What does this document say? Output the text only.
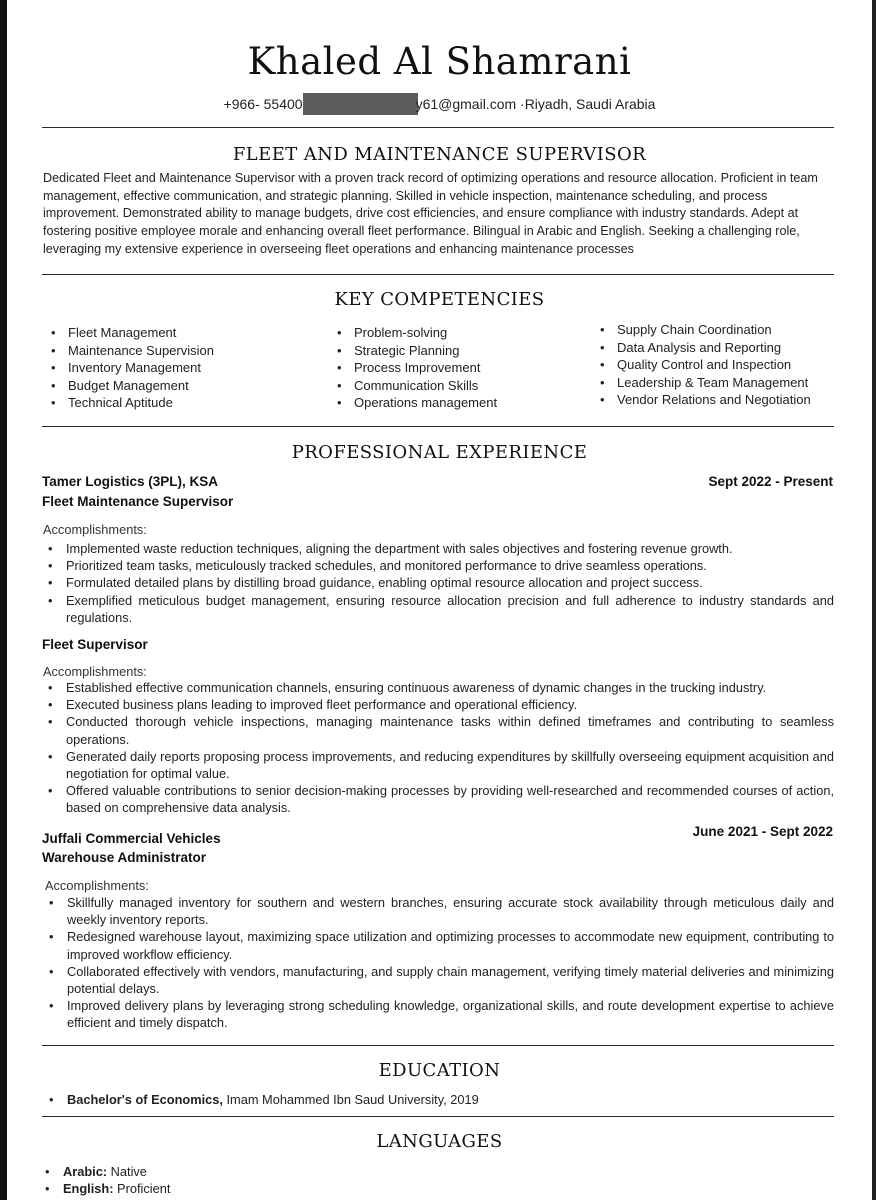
Khaled Al Shamrani
+966- 55400	y61@gmail.com ·Riyadh, Saudi Arabia
FLEET AND MAINTENANCE SUPERVISOR
Dedicated Fleet and Maintenance Supervisor with a proven track record of optimizing operations and resource allocation. Proficient in team management, effective communication, and strategic planning. Skilled in vehicle inspection, maintenance scheduling, and process improvement. Demonstrated ability to manage budgets, drive cost efficiencies, and ensure compliance with industry standards. Adept at fostering positive employee morale and enhancing overall fleet performance. Bilingual in Arabic and English. Seeking a challenging role, leveraging my extensive experience in overseeing fleet operations and enhancing maintenance processes
KEY COMPETENCIES
• Fleet Management
• Maintenance Supervision
• Inventory Management
• Budget Management
• Technical Aptitude
• Problem-solving
• Strategic Planning
• Process Improvement
• Communication Skills
• Operations management
• Supply Chain Coordination
• Data Analysis and Reporting
• Quality Control and Inspection
• Leadership & Team Management
• Vendor Relations and Negotiation
PROFESSIONAL EXPERIENCE
Tamer Logistics (3PL), KSA	Sept 2022 - Present
Fleet Maintenance Supervisor
Accomplishments:
• Implemented waste reduction techniques, aligning the department with sales objectives and fostering revenue growth.
• Prioritized team tasks, meticulously tracked schedules, and monitored performance to drive seamless operations.
• Formulated detailed plans by distilling broad guidance, enabling optimal resource allocation and project success.
• Exemplified meticulous budget management, ensuring resource allocation precision and full adherence to industry standards and regulations.
Fleet Supervisor
Accomplishments:
• Established effective communication channels, ensuring continuous awareness of dynamic changes in the trucking industry.
• Executed business plans leading to improved fleet performance and operational efficiency.
• Conducted thorough vehicle inspections, managing maintenance tasks within defined timeframes and contributing to seamless operations.
• Generated daily reports proposing process improvements, and reducing expenditures by skillfully overseeing equipment acquisition and negotiation for optimal value.
• Offered valuable contributions to senior decision-making processes by providing well-researched and recommended courses of action, based on comprehensive data analysis.
June 2021 - Sept 2022
Juffali Commercial Vehicles
Warehouse Administrator
Accomplishments:
• Skillfully managed inventory for southern and western branches, ensuring accurate stock availability through meticulous daily and weekly inventory reports.
• Redesigned warehouse layout, maximizing space utilization and optimizing processes to accommodate new equipment, contributing to improved workflow efficiency.
• Collaborated effectively with vendors, manufacturing, and supply chain management, verifying timely material deliveries and minimizing potential delays.
• Improved delivery plans by leveraging strong scheduling knowledge, organizational skills, and route development expertise to achieve efficient and timely dispatch.
EDUCATION
• Bachelor's of Economics, Imam Mohammed Ibn Saud University, 2019
LANGUAGES
• Arabic: Native
• English: Proficient
